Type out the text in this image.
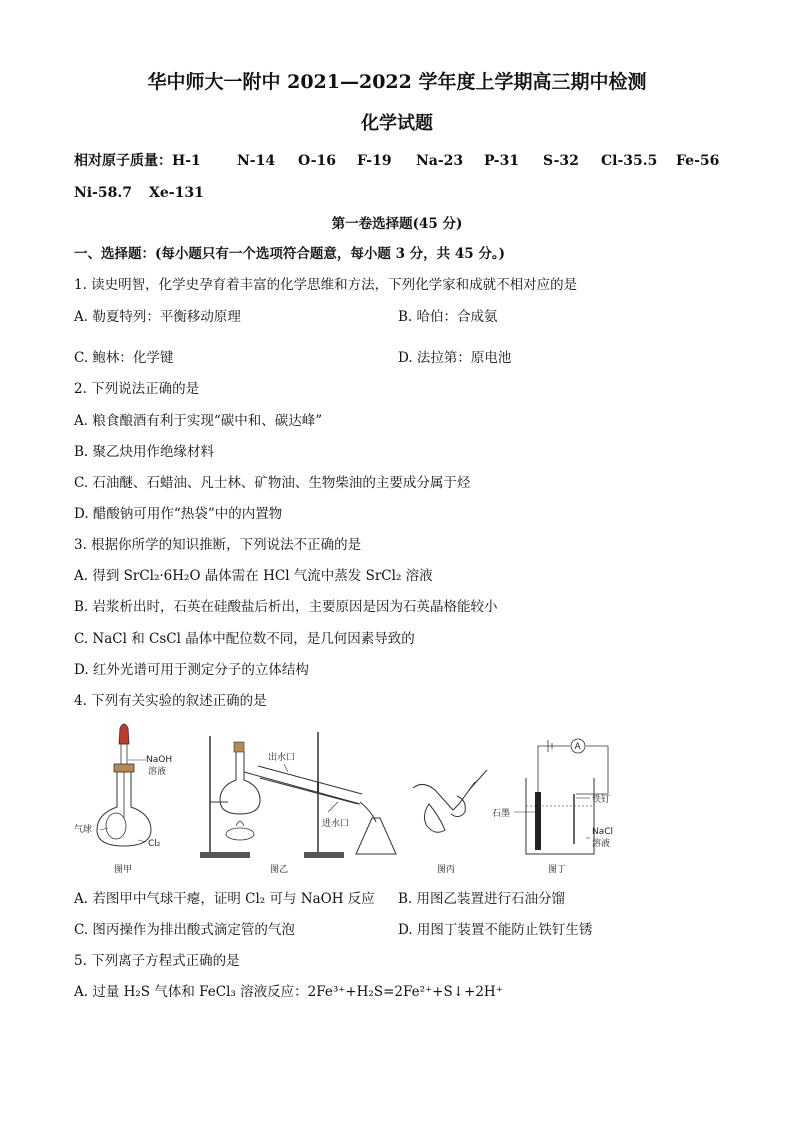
华中师大一附中 2021—2022 学年度上学期高三期中检测
化学试题
相对原子质量：H-1	N-14 O-16 F-19 Na-23 P-31 S-32 Cl-35.5 Fe-56
Ni-58.7 Xe-131
第一卷选择题(45 分)
一、选择题：(每小题只有一个选项符合题意，每小题 3 分，共 45 分。)
1. 读史明智，化学史孕育着丰富的化学思维和方法，下列化学家和成就不相对应的是
A. 勒夏特列：平衡移动原理	B. 哈伯：合成氨
C. 鲍林：化学键	D. 法拉第：原电池
2. 下列说法正确的是
A. 粮食酿酒有利于实现“碳中和、碳达峰”
B. 聚乙炔用作绝缘材料
C. 石油醚、石蜡油、凡士林、矿物油、生物柴油的主要成分属于烃
D. 醋酸钠可用作“热袋”中的内置物
3. 根据你所学的知识推断，下列说法不正确的是
A. 得到 SrCl₂·6H₂O 晶体需在 HCl 气流中蒸发 SrCl₂ 溶液
B. 岩浆析出时，石英在硅酸盐后析出，主要原因是因为石英晶格能较小
C. NaCl 和 CsCl 晶体中配位数不同，是几何因素导致的
D. 红外光谱可用于测定分子的立体结构
4. 下列有关实验的叙述正确的是
NaOH
溶液
气球
Cl₂
图甲
出水口
进水口
图乙	图丙
A
石墨
铁钉
NaCl
溶液
图丁
A. 若图甲中气球干瘪，证明 Cl₂ 可与 NaOH 反应 B. 用图乙装置进行石油分馏
C. 图丙操作为排出酸式滴定管的气泡	D. 用图丁装置不能防止铁钉生锈
5. 下列离子方程式正确的是
A. 过量 H₂S 气体和 FeCl₃ 溶液反应：2Fe³⁺+H₂S=2Fe²⁺+S↓+2H⁺
